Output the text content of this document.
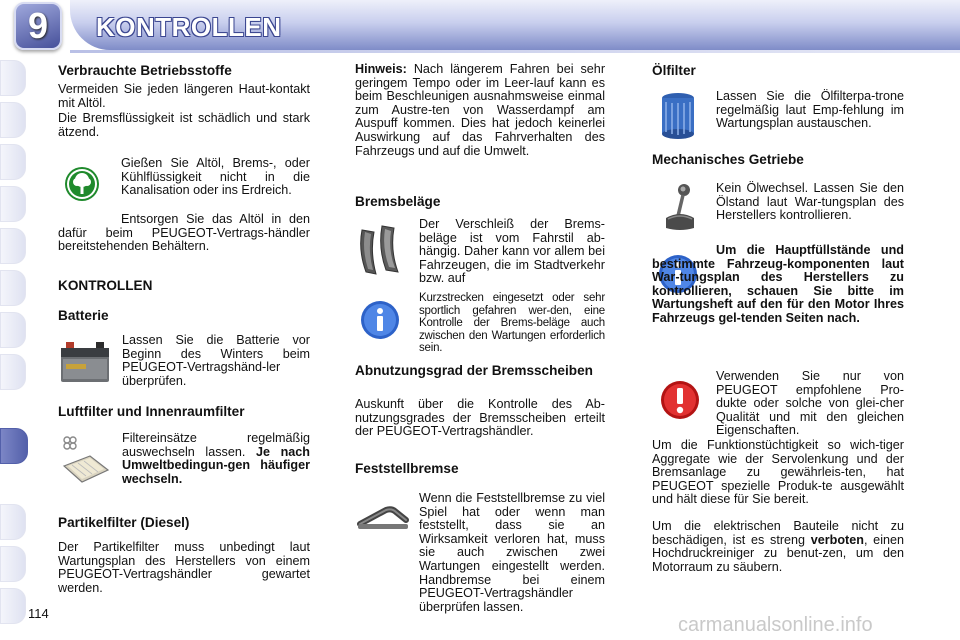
9	KONTROLLEN
Verbrauchte Betriebsstoffe

Vermeiden Sie jeden längeren Haut-kontakt mit Altöl.

Die Bremsflüssigkeit ist schädlich und stark ätzend.

Gießen Sie Altöl, Brems-, oder Kühlflüssigkeit nicht in die Kanalisation oder ins Erdreich.

Entsorgen Sie das Altöl in den dafür beim PEUGEOT-Vertrags-händler bereitstehenden Behältern.

KONTROLLEN
Batterie

Lassen Sie die Batterie vor Beginn des Winters beim PEUGEOT-Vertragshänd-ler überprüfen.

Luftfilter und Innenraumfilter

Filtereinsätze regelmäßig auswechseln lassen. Je nach Umweltbedingun-gen häufiger wechseln.

Partikelfilter (Diesel)

Der Partikelfilter muss unbedingt laut Wartungsplan des Herstellers von einem PEUGEOT-Vertragshändler gewartet werden.

Hinweis: Nach längerem Fahren bei sehr geringem Tempo oder im Leer-lauf kann es beim Beschleunigen ausnahmsweise einmal zum Austre-ten von Wasserdampf am Auspuff kommen. Dies hat jedoch keinerlei Auswirkung auf das Fahrverhalten des Fahrzeugs und auf die Umwelt.

Bremsbeläge

Der Verschleiß der Brems-beläge ist vom Fahrstil ab-hängig. Daher kann vor allem bei Fahrzeugen, die im Stadtverkehr bzw. auf

Kurzstrecken eingesetzt oder sehr sportlich gefahren wer-den, eine Kontrolle der Brems-beläge auch zwischen den Wartungen erforderlich sein.

Abnutzungsgrad der Bremsscheiben

Auskunft über die Kontrolle des Ab-nutzungsgrades der Bremsscheiben erteilt der PEUGEOT-Vertragshändler.

Feststellbremse

Wenn die Feststellbremse zu viel Spiel hat oder wenn man feststellt, dass sie an Wirksamkeit verloren hat, muss sie auch zwischen zwei Wartungen eingestellt werden. Handbremse bei einem PEUGEOT-Vertragshändler überprüfen lassen.

Ölfilter

Lassen Sie die Ölfilterpa-trone regelmäßig laut Emp-fehlung im Wartungsplan austauschen.

Mechanisches Getriebe

Kein Ölwechsel. Lassen Sie den Ölstand laut War-tungsplan des Herstellers kontrollieren.

Um die Hauptfüllstände und bestimmte Fahrzeug-komponenten laut War-tungsplan des Herstellers zu kontrollieren, schauen Sie bitte im Wartungsheft auf den für den Motor Ihres Fahrzeugs gel-tenden Seiten nach.

Verwenden Sie nur von PEUGEOT empfohlene Pro-dukte oder solche von glei-cher Qualität und mit den gleichen Eigenschaften.

Um die Funktionstüchtigkeit so wich-tiger Aggregate wie der Servolenkung und der Bremsanlage zu gewährleis-ten, hat PEUGEOT spezielle Produk-te ausgewählt und hält diese für Sie bereit.

Um die elektrischen Bauteile nicht zu beschädigen, ist es streng verboten, einen Hochdruckreiniger zu benut-zen, um den Motorraum zu säubern.

114
carmanualsonline.info
